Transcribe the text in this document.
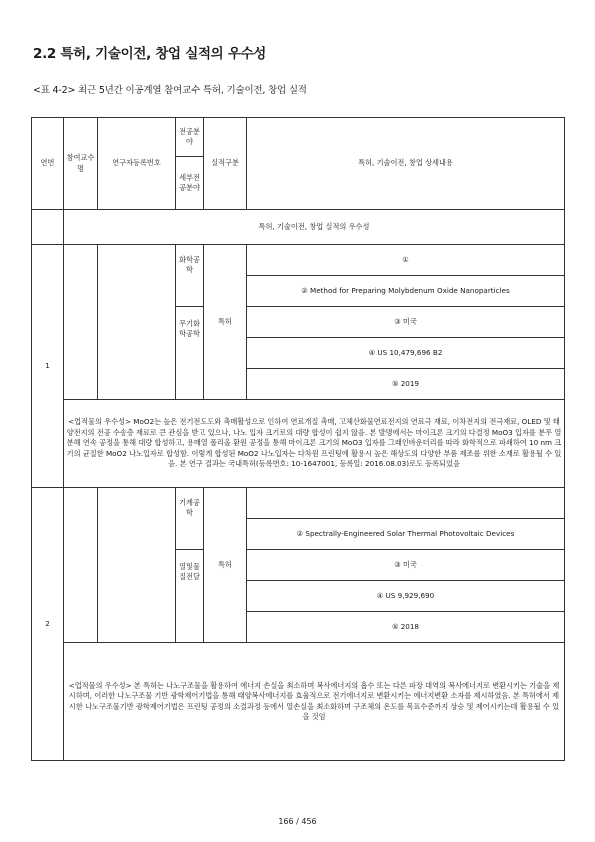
2.2 특허, 기술이전, 창업 실적의 우수성
<표 4-2> 최근 5년간 이공계열 참여교수 특허, 기술이전, 창업 실적
연번	참여교수명	연구자등록번호	전공분야	실적구분	특허, 기술이전, 창업 상세내용
			세부전공분야		
	특허, 기술이전, 창업 실적의 우수성				
1			화학공학	특허	①
					② Method for Preparing Molybdenum Oxide Nanoparticles
			무기화학공학		③ 미국
					④ US 10,479,696 B2
					⑤ 2019
	<업적물의 우수성> MoO2는 높은 전기전도도와 촉매활성으로 인하여 연료개질 촉매, 고체산화물연료전지의 연료극 재료, 이차전지의 전극재료, OLED 및 태양전지의 전공 수송층 재료로 큰 관심을 받고 있으나, 나노 입자 크기로의 대량 합성이 쉽지 않음. 본 발명에서는 마이크론 크기의 다결정 MoO3 입자를 분무 열분해 연속 공정을 통해 대량 합성하고, 용매열 폴리올 환원 공정을 통해 마이크론 크기의 MoO3 입자를 그래인바운더리를 따라 화학적으로 파쇄하여 10 nm 크기의 균질한 MoO2 나노입자로 합성함. 이렇게 합성된 MoO2 나노입자는 다차원 프린팅에 활용시 높은 해상도의 다양한 부품 제조를 위한 소재로 활용될 수 있음. 본 연구 결과는 국내특허(등록번호: 10-1647001, 등록일: 2016.08.03)로도 등록되었음				
2			기계공학	특허	
					② Spectrally-Engineered Solar Thermal Photovoltaic Devices
			열및물질전달		③ 미국
					④ US 9,929,690
					⑤ 2018
	<업적물의 우수성> 본 특허는 나노구조물을 활용하여 에너지 손실을 최소하며 복사에너지의 흡수 또는 다른 파장 대역의 복사에너지로 변환시키는 기술을 제시하며, 이러한 나노구조물 기반 광학제어기법을 통해 태양복사에너지를 효율적으로 전기에너지로 변환시키는 에너지변환 소자를 제시하였음. 본 특허에서 제시한 나노구조물기반 광학제어기법은 프린팅 공정의 소결과정 등에서 열손실을 최소화하며 구조체의 온도를 목표수준까지 상승 및 제어시키는데 활용될 수 있을 것임				
166 / 456
